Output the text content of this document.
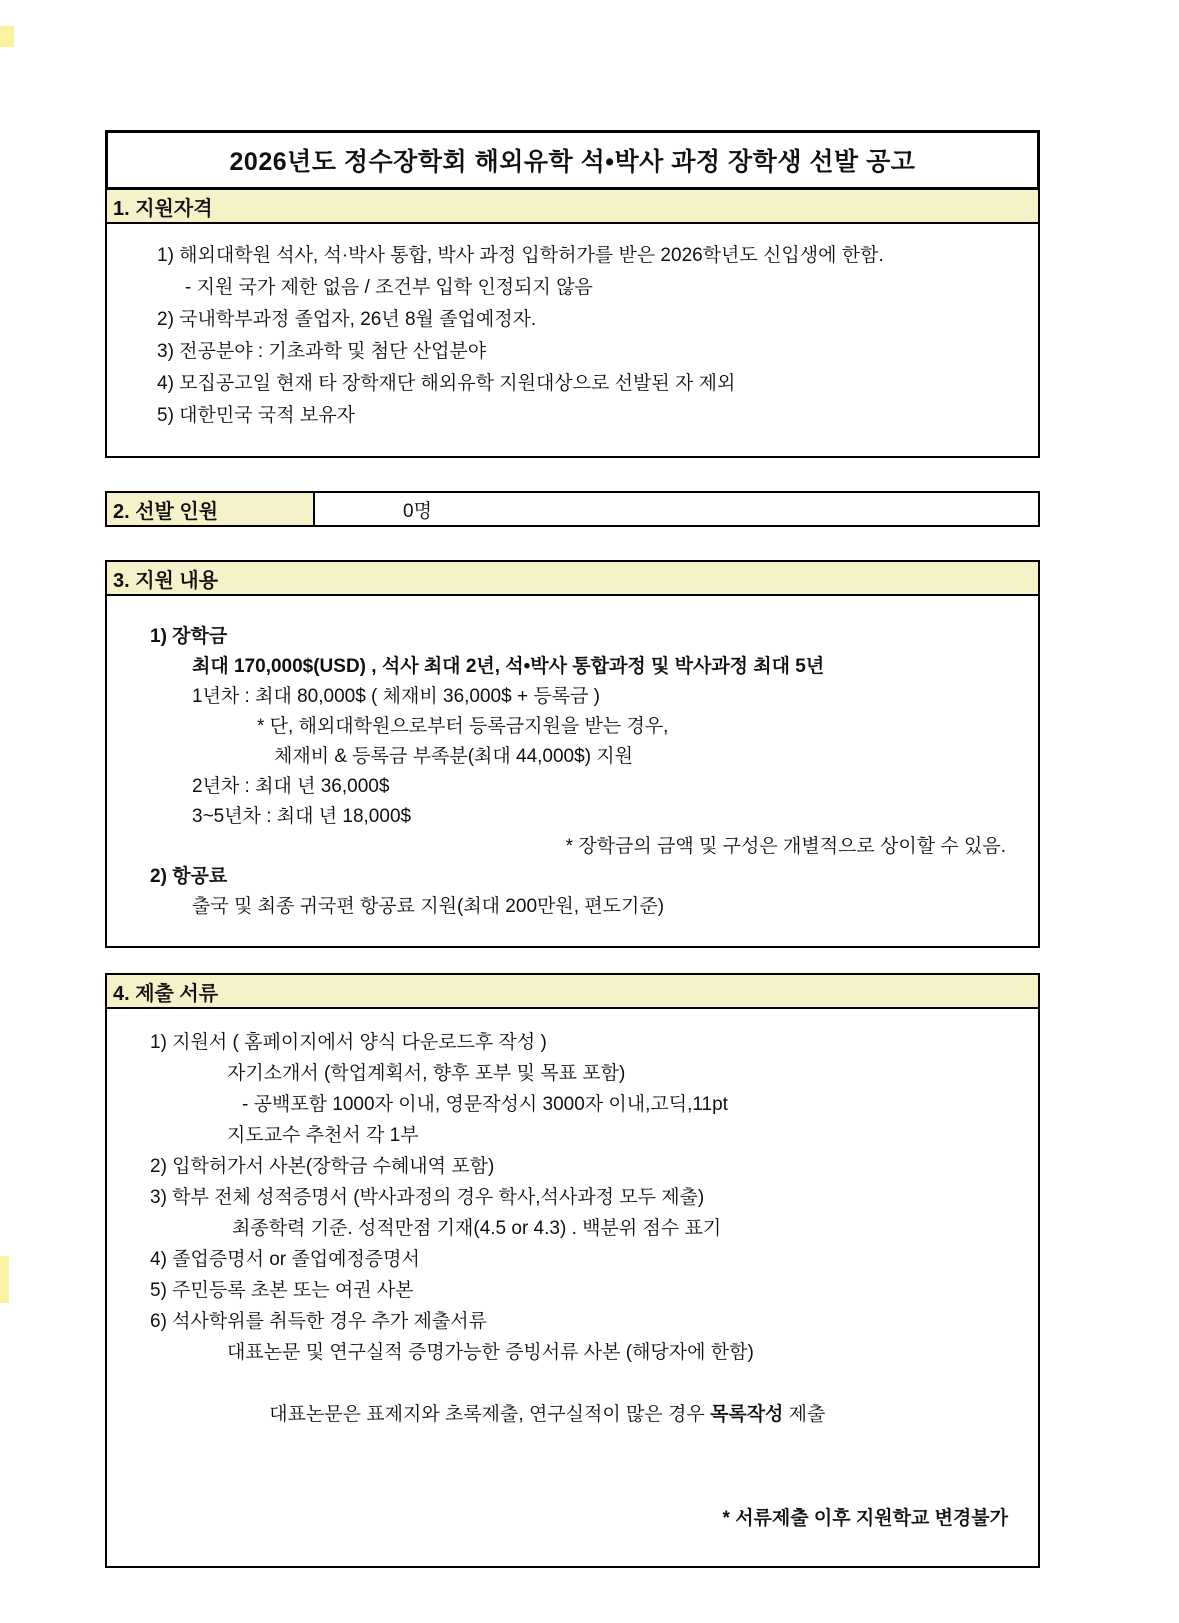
2026년도 정수장학회 해외유학 석•박사 과정 장학생 선발 공고
1. 지원자격
1) 해외대학원 석사, 석·박사 통합, 박사 과정 입학허가를 받은 2026학년도 신입생에 한함.
- 지원 국가 제한 없음 / 조건부 입학 인정되지 않음
2) 국내학부과정 졸업자, 26년 8월 졸업예정자.
3) 전공분야 : 기초과학 및 첨단 산업분야
4) 모집공고일 현재 타 장학재단 해외유학 지원대상으로 선발된 자 제외
5) 대한민국 국적 보유자
2. 선발 인원	0명
3. 지원 내용
1) 장학금
최대 170,000$(USD) , 석사 최대 2년, 석•박사 통합과정 및 박사과정 최대 5년
1년차 : 최대 80,000$ ( 체재비 36,000$ + 등록금 )
* 단, 해외대학원으로부터 등록금지원을 받는 경우,
체재비 & 등록금 부족분(최대 44,000$) 지원
2년차 : 최대 년 36,000$
3~5년차 : 최대 년 18,000$
* 장학금의 금액 및 구성은 개별적으로 상이할 수 있음.
2) 항공료
출국 및 최종 귀국편 항공료 지원(최대 200만원, 편도기준)
4. 제출 서류
1) 지원서 ( 홈페이지에서 양식 다운로드후 작성 )
자기소개서 (학업계획서, 향후 포부 및 목표 포함)
- 공백포함 1000자 이내, 영문작성시 3000자 이내,고딕,11pt
지도교수 추천서 각 1부
2) 입학허가서 사본(장학금 수혜내역 포함)
3) 학부 전체 성적증명서 (박사과정의 경우 학사,석사과정 모두 제출)
최종학력 기준. 성적만점 기재(4.5 or 4.3) . 백분위 점수 표기
4) 졸업증명서 or 졸업예정증명서
5) 주민등록 초본 또는 여권 사본
6) 석사학위를 취득한 경우 추가 제출서류
대표논문 및 연구실적 증명가능한 증빙서류 사본 (해당자에 한함)

대표논문은 표제지와 초록제출, 연구실적이 많은 경우 목록작성 제출

* 서류제출 이후 지원학교 변경불가
